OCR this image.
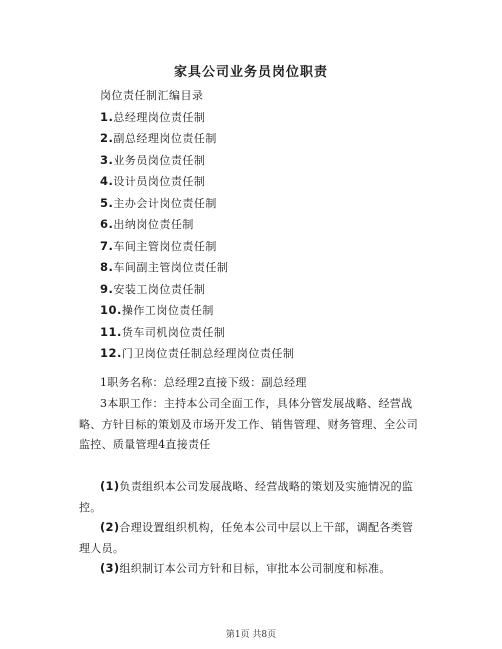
家具公司业务员岗位职责
岗位责任制汇编目录
1.总经理岗位责任制
2.副总经理岗位责任制
3.业务员岗位责任制
4.设计员岗位责任制
5.主办会计岗位责任制
6.出纳岗位责任制
7.车间主管岗位责任制
8.车间副主管岗位责任制
9.安装工岗位责任制
10.操作工岗位责任制
11.货车司机岗位责任制
12.门卫岗位责任制总经理岗位责任制
1职务名称：总经理2直接下级：副总经理
3本职工作：主持本公司全面工作，具体分管发展战略、经营战略、方针目标的策划及市场开发工作、销售管理、财务管理、全公司监控、质量管理4直接责任
(1)负责组织本公司发展战略、经营战略的策划及实施情况的监控。
(2)合理设置组织机构，任免本公司中层以上干部，调配各类管理人员。
(3)组织制订本公司方针和目标，审批本公司制度和标准。
第1页 共8页
